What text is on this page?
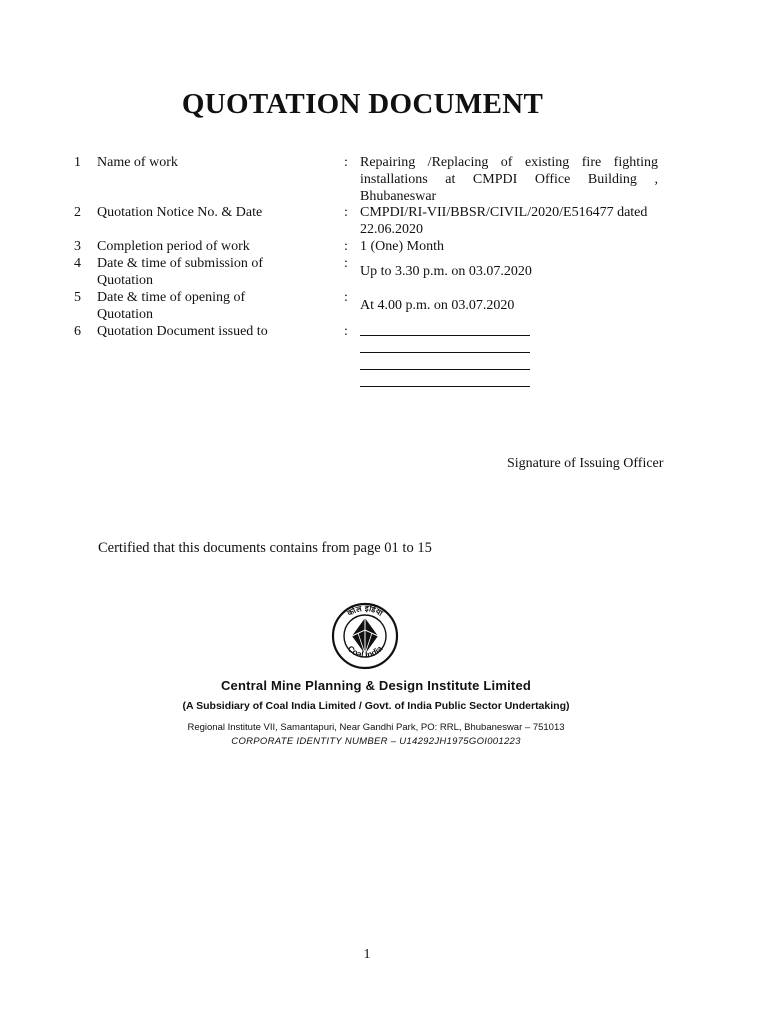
QUOTATION DOCUMENT
1 Name of work	: Repairing /Replacing of existing fire fighting installations at CMPDI Office Building , Bhubaneswar
2 Quotation Notice No. & Date	: CMPDI/RI-VII/BBSR/CIVIL/2020/E516477 dated 22.06.2020
3 Completion period of work	: 1 (One) Month
4 Date & time of submission of Quotation
:
Up to 3.30 p.m. on 03.07.2020
5 Date & time of opening of Quotation
:
At 4.00 p.m. on 03.07.2020
6 Quotation Document issued to	:
Signature of Issuing Officer
Certified that this documents contains from page 01 to 15
कोल इंडिया
Coal India
Central Mine Planning & Design Institute Limited
(A Subsidiary of Coal India Limited / Govt. of India Public Sector Undertaking)
Regional Institute VII, Samantapuri, Near Gandhi Park, PO: RRL, Bhubaneswar – 751013
CORPORATE IDENTITY NUMBER – U14292JH1975GOI001223
1
